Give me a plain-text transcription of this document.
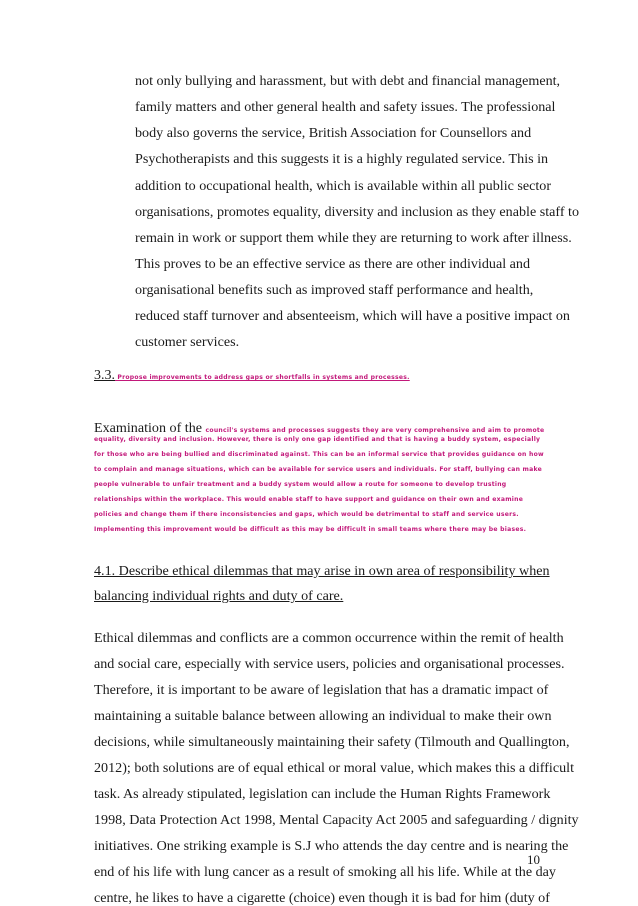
not only bullying and harassment, but with debt and financial management,
family matters and other general health and safety issues. The professional
body also governs the service, British Association for Counsellors and
Psychotherapists and this suggests it is a highly regulated service. This in
addition to occupational health, which is available within all public sector
organisations, promotes equality, diversity and inclusion as they enable staff to
remain in work or support them while they are returning to work after illness.
This proves to be an effective service as there are other individual and
organisational benefits such as improved staff performance and health,
reduced staff turnover and absenteeism, which will have a positive impact on
customer services.
3.3. Propose improvements to address gaps or shortfalls in systems and processes.
Examination of the council's systems and processes suggests they are very comprehensive and aim to promote
equality, diversity and inclusion. However, there is only one gap identified and that is having a buddy system, especially
for those who are being bullied and discriminated against. This can be an informal service that provides guidance on how
to complain and manage situations, which can be available for service users and individuals. For staff, bullying can make
people vulnerable to unfair treatment and a buddy system would allow a route for someone to develop trusting
relationships within the workplace. This would enable staff to have support and guidance on their own and examine
policies and change them if there inconsistencies and gaps, which would be detrimental to staff and service users.
Implementing this improvement would be difficult as this may be difficult in small teams where there may be biases.
4.1. Describe ethical dilemmas that may arise in own area of responsibility when
balancing individual rights and duty of care.
Ethical dilemmas and conflicts are a common occurrence within the remit of health
and social care, especially with service users, policies and organisational processes.
Therefore, it is important to be aware of legislation that has a dramatic impact of
maintaining a suitable balance between allowing an individual to make their own
decisions, while simultaneously maintaining their safety (Tilmouth and Quallington,
2012); both solutions are of equal ethical or moral value, which makes this a difficult
task. As already stipulated, legislation can include the Human Rights Framework
1998, Data Protection Act 1998, Mental Capacity Act 2005 and safeguarding / dignity
initiatives. One striking example is S.J who attends the day centre and is nearing the
end of his life with lung cancer as a result of smoking all his life. While at the day
centre, he likes to have a cigarette (choice) even though it is bad for him (duty of
10
